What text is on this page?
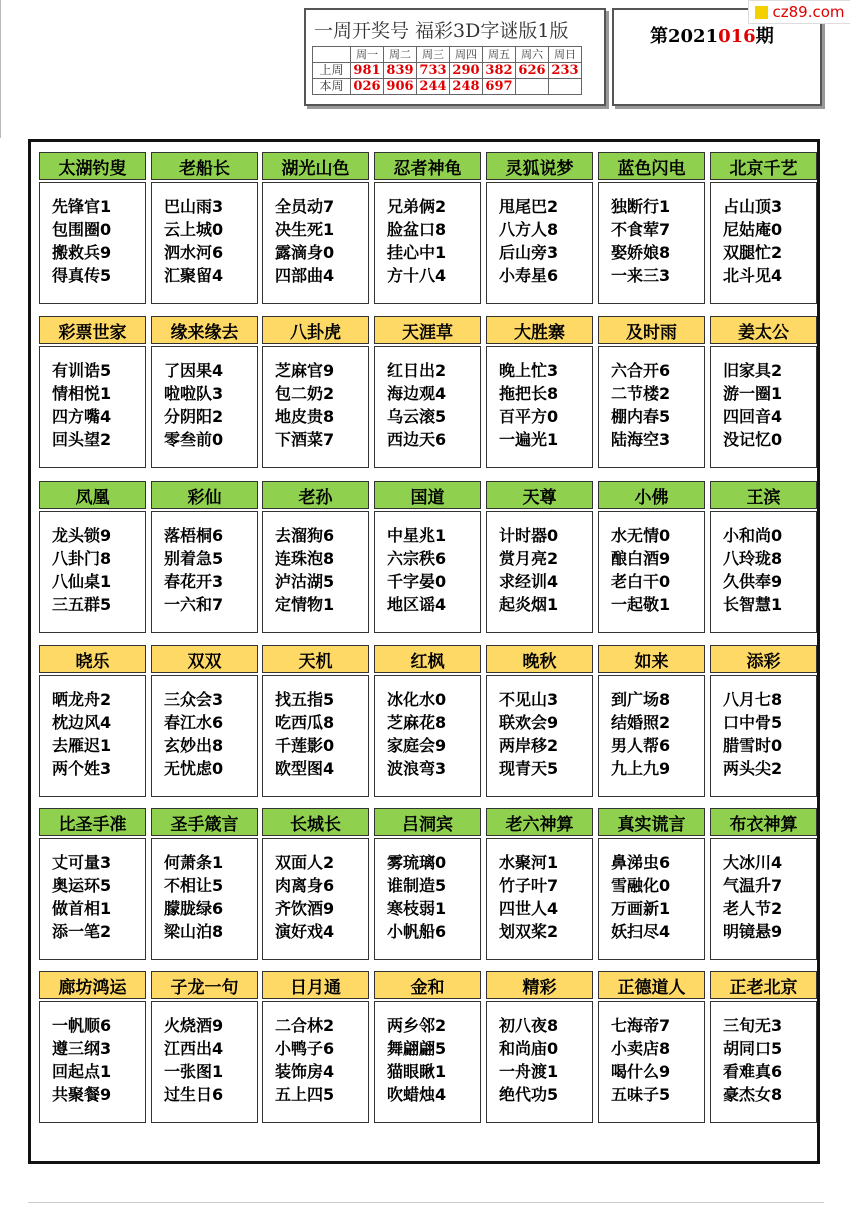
一周开奖号 福彩3D字谜版1版
	周一	周二	周三	周四	周五	周六	周日
上周	981	839	733	290	382	626	233
本周	026	906	244	248	697		
第2021016期
cz89.com
太湖钓叟
先锋官1
包围圈0
搬救兵9
得真传5
老船长
巴山雨3
云上城0
泗水河6
汇聚留4
湖光山色
全员动7
决生死1
露滴身0
四部曲4
忍者神龟
兄弟俩2
脸盆口8
挂心中1
方十八4
灵狐说梦
甩尾巴2
八方人8
后山旁3
小寿星6
蓝色闪电
独断行1
不食荤7
娶娇娘8
一来三3
北京千艺
占山顶3
尼姑庵0
双腿忙2
北斗见4
彩票世家
有训诰5
情相悦1
四方嘴4
回头望2
缘来缘去
了因果4
啦啦队3
分阴阳2
零叁前0
八卦虎
芝麻官9
包二奶2
地皮贵8
下酒菜7
天涯草
红日出2
海边观4
乌云滚5
西边天6
大胜寨
晚上忙3
拖把长8
百平方0
一遍光1
及时雨
六合开6
二节楼2
棚内春5
陆海空3
姜太公
旧家具2
游一圈1
四回音4
没记忆0
凤凰
龙头锁9
八卦门8
八仙桌1
三五群5
彩仙
落梧桐6
别着急5
春花开3
一六和7
老孙
去溜狗6
连珠泡8
泸沽湖5
定情物1
国道
中星兆1
六宗秩6
千字晏0
地区谣4
天尊
计时器0
赏月亮2
求经训4
起炎烟1
小佛
水无情0
酿白酒9
老白干0
一起敬1
王滨
小和尚0
八玲珑8
久供奉9
长智慧1
晓乐
晒龙舟2
枕边风4
去雁迟1
两个姓3
双双
三众会3
春江水6
玄妙出8
无忧虑0
天机
找五指5
吃西瓜8
千莲影0
欧型图4
红枫
冰化水0
芝麻花8
家庭会9
波浪弯3
晚秋
不见山3
联欢会9
两岸移2
现青天5
如来
到广场8
结婚照2
男人帮6
九上九9
添彩
八月七8
口中骨5
腊雪时0
两头尖2
比圣手准
丈可量3
奥运环5
做首相1
添一笔2
圣手箴言
何萧条1
不相让5
朦胧绿6
梁山泊8
长城长
双面人2
肉离身6
齐饮酒9
演好戏4
吕洞宾
雾琉璃0
谁制造5
寒枝弱1
小帆船6
老六神算
水聚河1
竹子叶7
四世人4
划双桨2
真实谎言
鼻涕虫6
雪融化0
万画新1
妖扫尽4
布衣神算
大冰川4
气温升7
老人节2
明镜悬9
廊坊鸿运
一帆顺6
遵三纲3
回起点1
共聚餐9
子龙一句
火烧酒9
江西出4
一张图1
过生日6
日月通
二合林2
小鸭子6
装饰房4
五上四5
金和
两乡邻2
舞翩翩5
猫眼瞅1
吹蜡烛4
精彩
初八夜8
和尚庙0
一舟渡1
绝代功5
正德道人
七海帝7
小卖店8
喝什么9
五味子5
正老北京
三旬无3
胡同口5
看难真6
豪杰女8
